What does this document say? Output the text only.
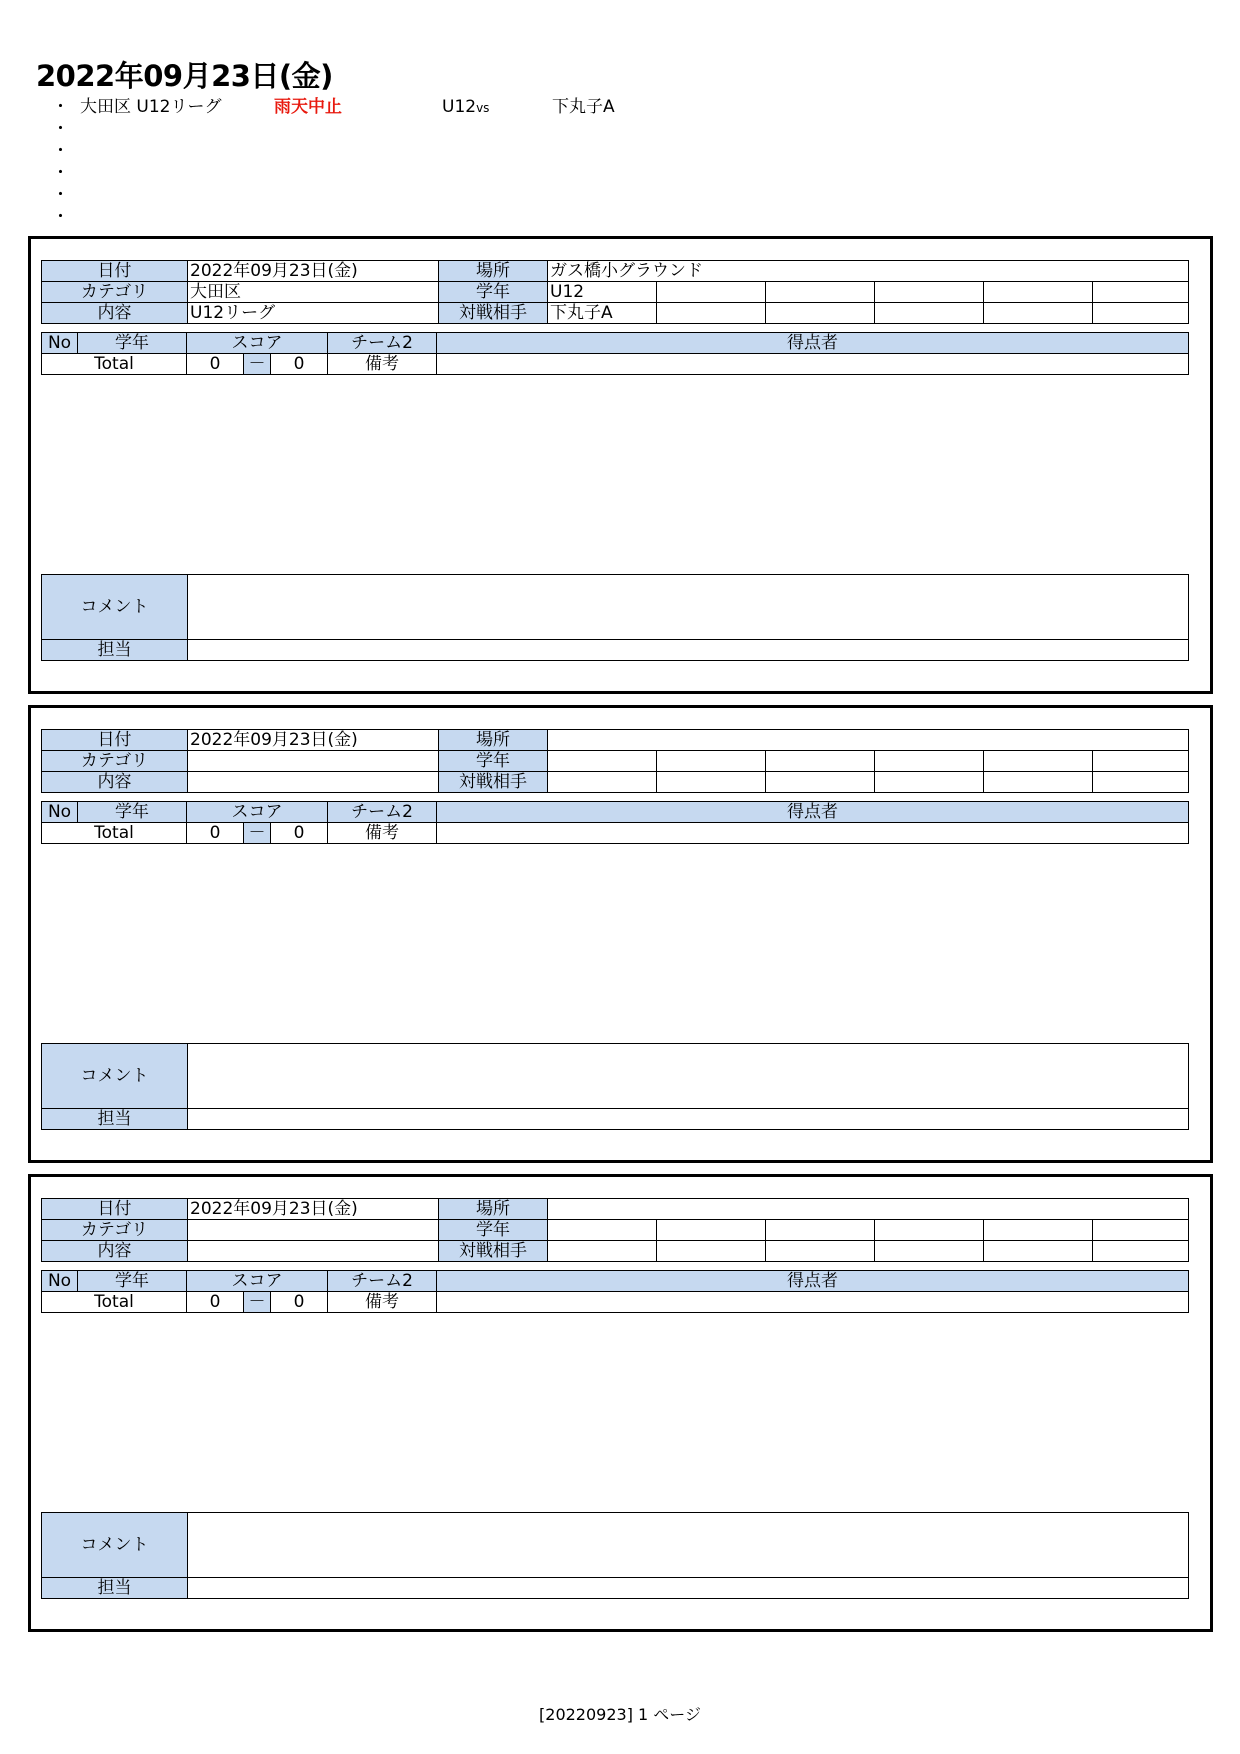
2022年09月23日(金)
・ 大田区 U12リーグ	雨天中止	U12vs	下丸子A
・
・
・
・
・
日付	2022年09月23日(金)	場所	ガス橋小グラウンド					
カテゴリ	大田区	学年	U12					
内容	U12リーグ	対戦相手	下丸子A					
No	学年	スコア			チーム2	得点者
Total		0	－	0	備考	
コメント	
担当	
日付	2022年09月23日(金)	場所						
カテゴリ		学年						
内容		対戦相手						
No	学年	スコア			チーム2	得点者
Total		0	－	0	備考	
コメント	
担当	
日付	2022年09月23日(金)	場所						
カテゴリ		学年						
内容		対戦相手						
No	学年	スコア			チーム2	得点者
Total		0	－	0	備考	
コメント	
担当	
[20220923] 1 ページ
